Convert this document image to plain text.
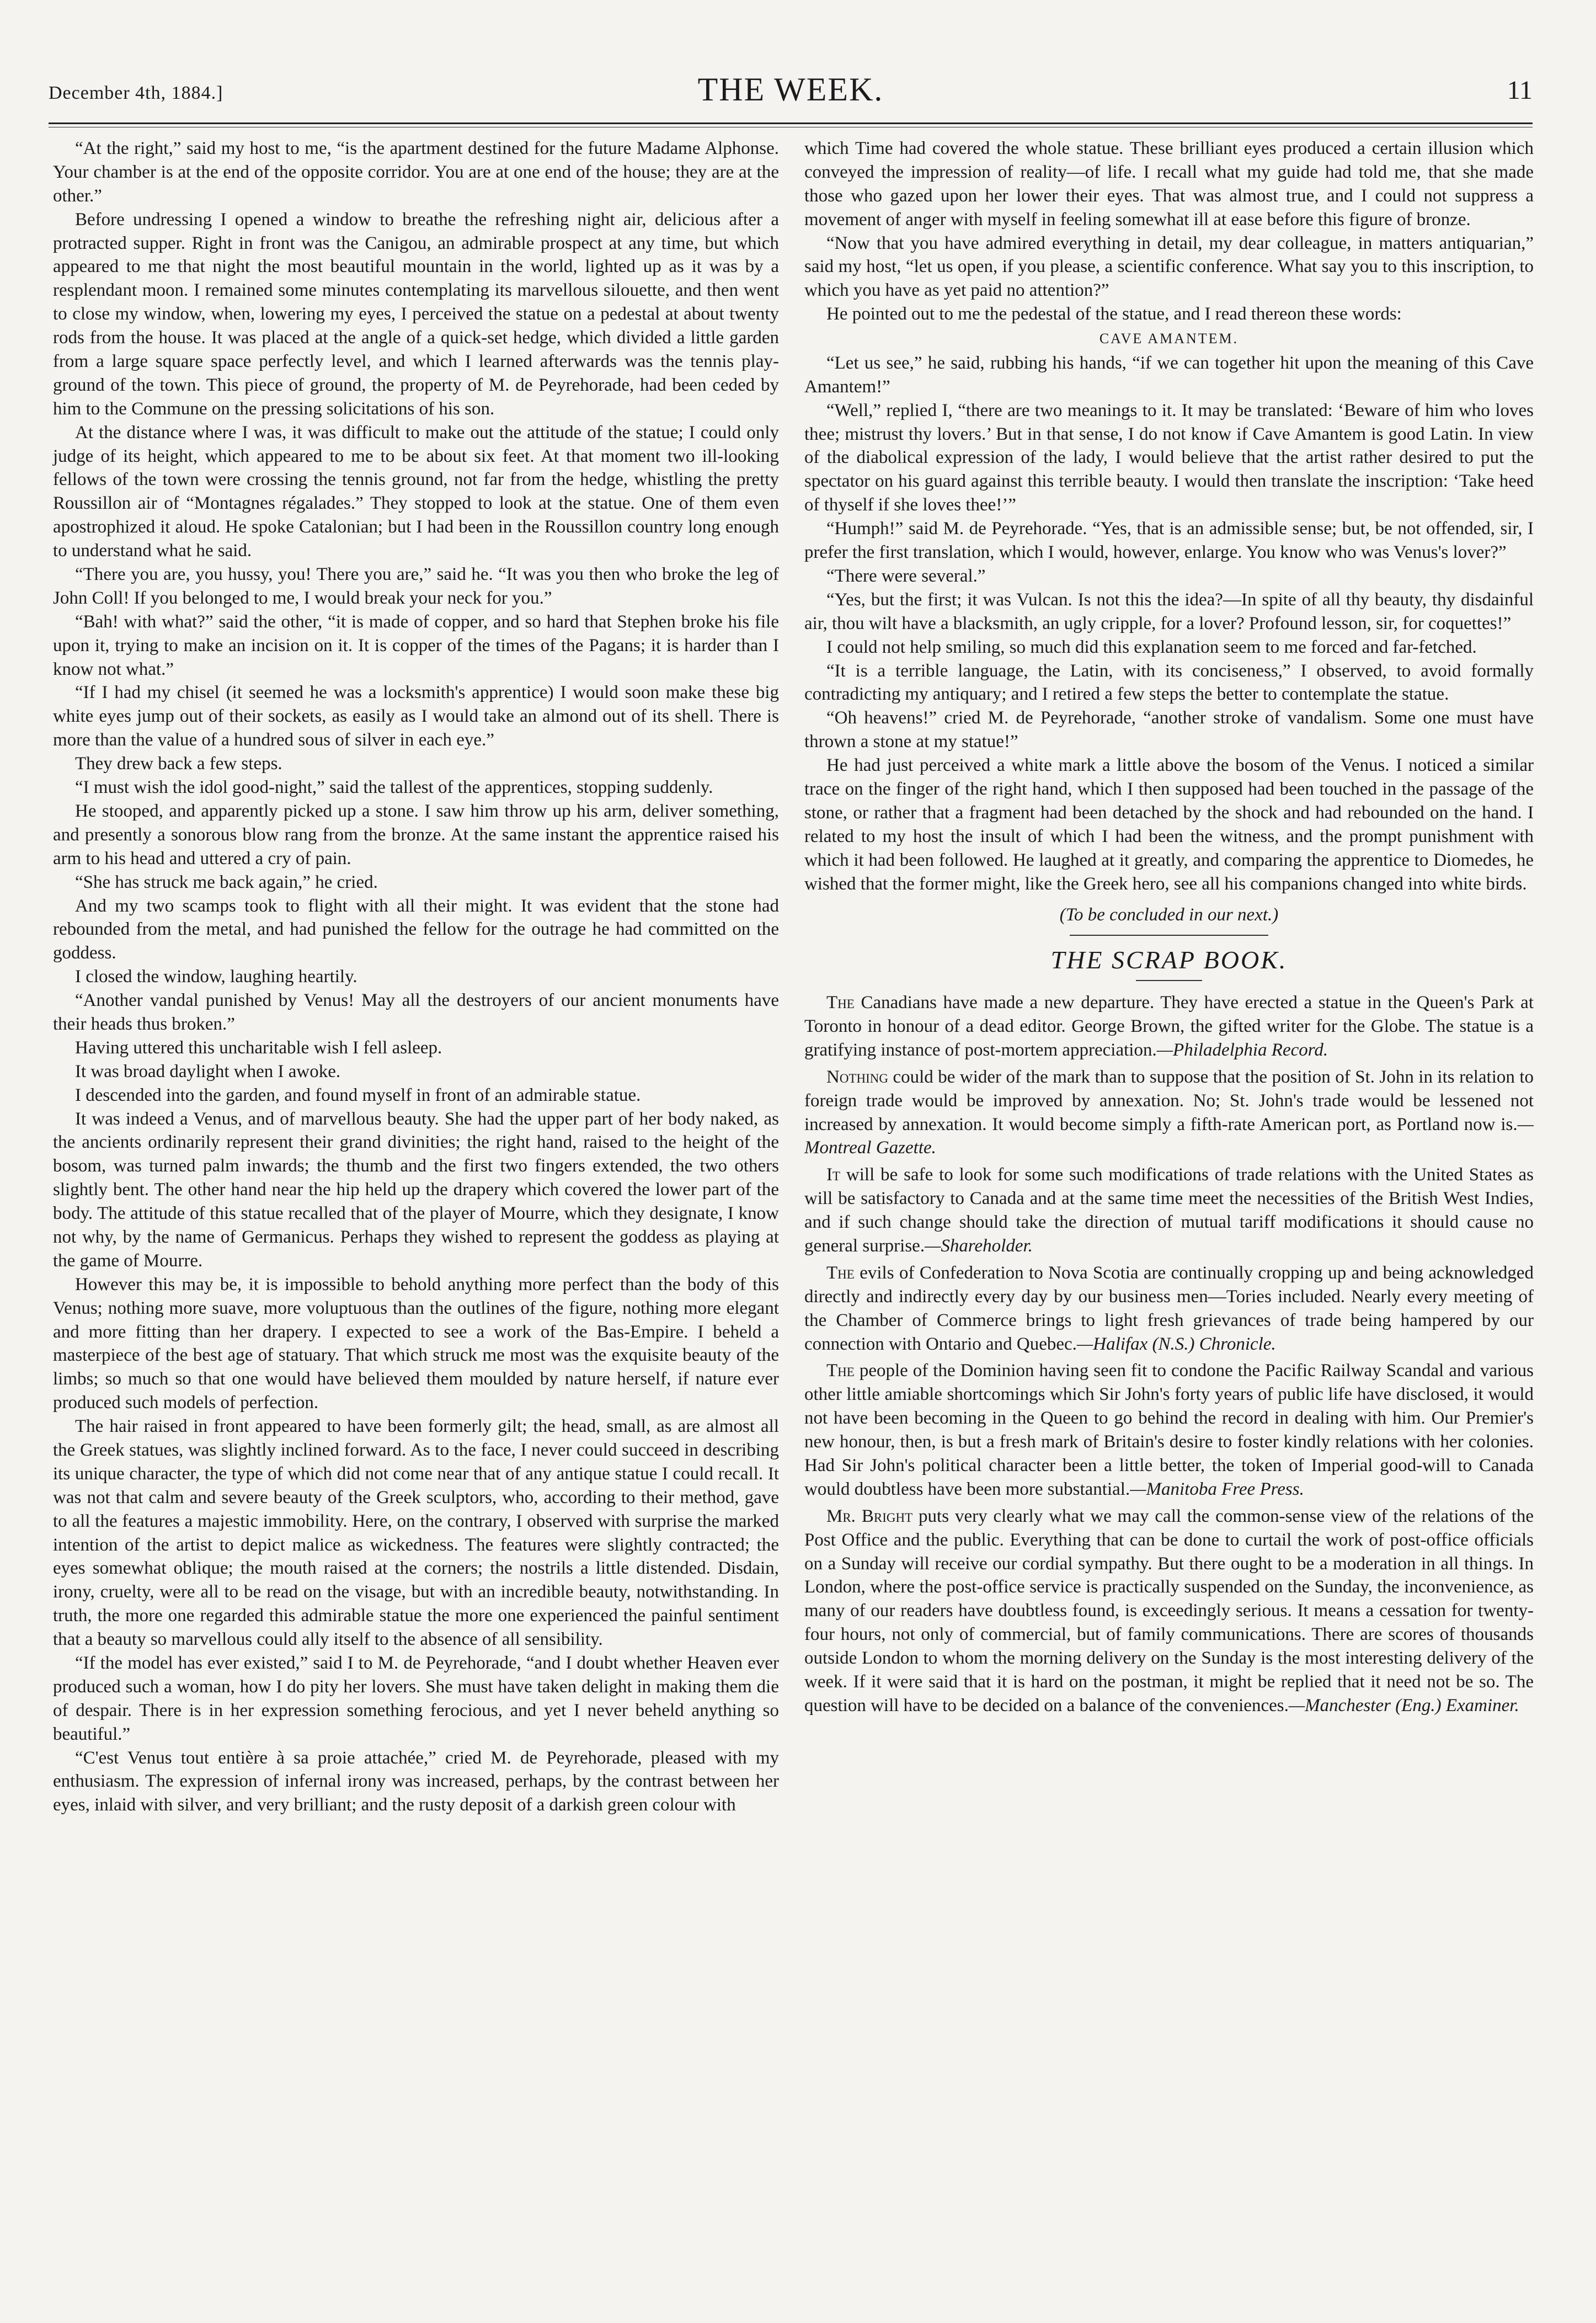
December 4th, 1884.]	THE WEEK.	11

“At the right,” said my host to me, “is the apartment destined for the future Madame Alphonse. Your chamber is at the end of the opposite corridor. You are at one end of the house; they are at the other.”

Before undressing I opened a window to breathe the refreshing night air, delicious after a protracted supper. Right in front was the Canigou, an admirable prospect at any time, but which appeared to me that night the most beautiful mountain in the world, lighted up as it was by a resplendant moon. I remained some minutes contemplating its marvellous silouette, and then went to close my window, when, lowering my eyes, I perceived the statue on a pedestal at about twenty rods from the house. It was placed at the angle of a quick-set hedge, which divided a little garden from a large square space perfectly level, and which I learned afterwards was the tennis play-ground of the town. This piece of ground, the property of M. de Peyrehorade, had been ceded by him to the Commune on the pressing solicitations of his son.

At the distance where I was, it was difficult to make out the attitude of the statue; I could only judge of its height, which appeared to me to be about six feet. At that moment two ill-looking fellows of the town were crossing the tennis ground, not far from the hedge, whistling the pretty Roussillon air of “Montagnes régalades.” They stopped to look at the statue. One of them even apostrophized it aloud. He spoke Catalonian; but I had been in the Roussillon country long enough to understand what he said.

“There you are, you hussy, you! There you are,” said he. “It was you then who broke the leg of John Coll! If you belonged to me, I would break your neck for you.”

“Bah! with what?” said the other, “it is made of copper, and so hard that Stephen broke his file upon it, trying to make an incision on it. It is copper of the times of the Pagans; it is harder than I know not what.”

“If I had my chisel (it seemed he was a locksmith's apprentice) I would soon make these big white eyes jump out of their sockets, as easily as I would take an almond out of its shell. There is more than the value of a hundred sous of silver in each eye.”

They drew back a few steps.

“I must wish the idol good-night,” said the tallest of the apprentices, stopping suddenly.

He stooped, and apparently picked up a stone. I saw him throw up his arm, deliver something, and presently a sonorous blow rang from the bronze. At the same instant the apprentice raised his arm to his head and uttered a cry of pain.

“She has struck me back again,” he cried.

And my two scamps took to flight with all their might. It was evident that the stone had rebounded from the metal, and had punished the fellow for the outrage he had committed on the goddess.

I closed the window, laughing heartily.

“Another vandal punished by Venus! May all the destroyers of our ancient monuments have their heads thus broken.”

Having uttered this uncharitable wish I fell asleep.

It was broad daylight when I awoke.

I descended into the garden, and found myself in front of an admirable statue.

It was indeed a Venus, and of marvellous beauty. She had the upper part of her body naked, as the ancients ordinarily represent their grand divinities; the right hand, raised to the height of the bosom, was turned palm inwards; the thumb and the first two fingers extended, the two others slightly bent. The other hand near the hip held up the drapery which covered the lower part of the body. The attitude of this statue recalled that of the player of Mourre, which they designate, I know not why, by the name of Germanicus. Perhaps they wished to represent the goddess as playing at the game of Mourre.

However this may be, it is impossible to behold anything more perfect than the body of this Venus; nothing more suave, more voluptuous than the outlines of the figure, nothing more elegant and more fitting than her drapery. I expected to see a work of the Bas-Empire. I beheld a masterpiece of the best age of statuary. That which struck me most was the exquisite beauty of the limbs; so much so that one would have believed them moulded by nature herself, if nature ever produced such models of perfection.

The hair raised in front appeared to have been formerly gilt; the head, small, as are almost all the Greek statues, was slightly inclined forward. As to the face, I never could succeed in describing its unique character, the type of which did not come near that of any antique statue I could recall. It was not that calm and severe beauty of the Greek sculptors, who, according to their method, gave to all the features a majestic immobility. Here, on the contrary, I observed with surprise the marked intention of the artist to depict malice as wickedness. The features were slightly contracted; the eyes somewhat oblique; the mouth raised at the corners; the nostrils a little distended. Disdain, irony, cruelty, were all to be read on the visage, but with an incredible beauty, notwithstanding. In truth, the more one regarded this admirable statue the more one experienced the painful sentiment that a beauty so marvellous could ally itself to the absence of all sensibility.

“If the model has ever existed,” said I to M. de Peyrehorade, “and I doubt whether Heaven ever produced such a woman, how I do pity her lovers. She must have taken delight in making them die of despair. There is in her expression something ferocious, and yet I never beheld anything so beautiful.”

“C'est Venus tout entière à sa proie attachée,” cried M. de Peyrehorade, pleased with my enthusiasm. The expression of infernal irony was increased, perhaps, by the contrast between her eyes, inlaid with silver, and very brilliant; and the rusty deposit of a darkish green colour with

which Time had covered the whole statue. These brilliant eyes produced a certain illusion which conveyed the impression of reality—of life. I recall what my guide had told me, that she made those who gazed upon her lower their eyes. That was almost true, and I could not suppress a movement of anger with myself in feeling somewhat ill at ease before this figure of bronze.

“Now that you have admired everything in detail, my dear colleague, in matters antiquarian,” said my host, “let us open, if you please, a scientific conference. What say you to this inscription, to which you have as yet paid no attention?”

He pointed out to me the pedestal of the statue, and I read thereon these words:

CAVE AMANTEM.

“Let us see,” he said, rubbing his hands, “if we can together hit upon the meaning of this Cave Amantem!”

“Well,” replied I, “there are two meanings to it. It may be translated: ‘Beware of him who loves thee; mistrust thy lovers.’ But in that sense, I do not know if Cave Amantem is good Latin. In view of the diabolical expression of the lady, I would believe that the artist rather desired to put the spectator on his guard against this terrible beauty. I would then translate the inscription: ‘Take heed of thyself if she loves thee!’”

“Humph!” said M. de Peyrehorade. “Yes, that is an admissible sense; but, be not offended, sir, I prefer the first translation, which I would, however, enlarge. You know who was Venus's lover?”

“There were several.”

“Yes, but the first; it was Vulcan. Is not this the idea?—In spite of all thy beauty, thy disdainful air, thou wilt have a blacksmith, an ugly cripple, for a lover? Profound lesson, sir, for coquettes!”

I could not help smiling, so much did this explanation seem to me forced and far-fetched.

“It is a terrible language, the Latin, with its conciseness,” I observed, to avoid formally contradicting my antiquary; and I retired a few steps the better to contemplate the statue.

“Oh heavens!” cried M. de Peyrehorade, “another stroke of vandalism. Some one must have thrown a stone at my statue!”

He had just perceived a white mark a little above the bosom of the Venus. I noticed a similar trace on the finger of the right hand, which I then supposed had been touched in the passage of the stone, or rather that a fragment had been detached by the shock and had rebounded on the hand. I related to my host the insult of which I had been the witness, and the prompt punishment with which it had been followed. He laughed at it greatly, and comparing the apprentice to Diomedes, he wished that the former might, like the Greek hero, see all his companions changed into white birds.

(To be concluded in our next.)

THE SCRAP BOOK.

The Canadians have made a new departure. They have erected a statue in the Queen's Park at Toronto in honour of a dead editor. George Brown, the gifted writer for the Globe. The statue is a gratifying instance of post-mortem appreciation.—Philadelphia Record.

Nothing could be wider of the mark than to suppose that the position of St. John in its relation to foreign trade would be improved by annexation. No; St. John's trade would be lessened not increased by annexation. It would become simply a fifth-rate American port, as Portland now is.—Montreal Gazette.

It will be safe to look for some such modifications of trade relations with the United States as will be satisfactory to Canada and at the same time meet the necessities of the British West Indies, and if such change should take the direction of mutual tariff modifications it should cause no general surprise.—Shareholder.

The evils of Confederation to Nova Scotia are continually cropping up and being acknowledged directly and indirectly every day by our business men—Tories included. Nearly every meeting of the Chamber of Commerce brings to light fresh grievances of trade being hampered by our connection with Ontario and Quebec.—Halifax (N.S.) Chronicle.

The people of the Dominion having seen fit to condone the Pacific Railway Scandal and various other little amiable shortcomings which Sir John's forty years of public life have disclosed, it would not have been becoming in the Queen to go behind the record in dealing with him. Our Premier's new honour, then, is but a fresh mark of Britain's desire to foster kindly relations with her colonies. Had Sir John's political character been a little better, the token of Imperial good-will to Canada would doubtless have been more substantial.—Manitoba Free Press.

Mr. Bright puts very clearly what we may call the common-sense view of the relations of the Post Office and the public. Everything that can be done to curtail the work of post-office officials on a Sunday will receive our cordial sympathy. But there ought to be a moderation in all things. In London, where the post-office service is practically suspended on the Sunday, the inconvenience, as many of our readers have doubtless found, is exceedingly serious. It means a cessation for twenty-four hours, not only of commercial, but of family communications. There are scores of thousands outside London to whom the morning delivery on the Sunday is the most interesting delivery of the week. If it were said that it is hard on the postman, it might be replied that it need not be so. The question will have to be decided on a balance of the conveniences.—Manchester (Eng.) Examiner.
